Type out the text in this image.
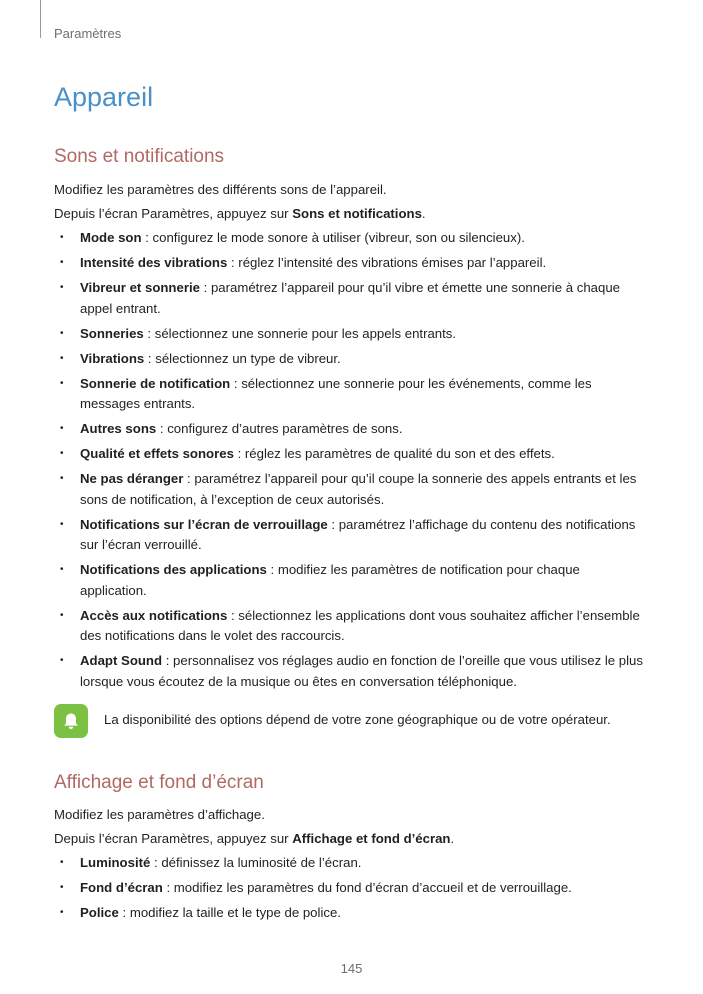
Paramètres
Appareil
Sons et notifications

Modifiez les paramètres des différents sons de l’appareil.

Depuis l’écran Paramètres, appuyez sur Sons et notifications.

• Mode son : configurez le mode sonore à utiliser (vibreur, son ou silencieux).
• Intensité des vibrations : réglez l’intensité des vibrations émises par l’appareil.
• Vibreur et sonnerie : paramétrez l’appareil pour qu’il vibre et émette une sonnerie à chaque appel entrant.
• Sonneries : sélectionnez une sonnerie pour les appels entrants.
• Vibrations : sélectionnez un type de vibreur.
• Sonnerie de notification : sélectionnez une sonnerie pour les événements, comme les messages entrants.
• Autres sons : configurez d’autres paramètres de sons.
• Qualité et effets sonores : réglez les paramètres de qualité du son et des effets.
• Ne pas déranger : paramétrez l’appareil pour qu’il coupe la sonnerie des appels entrants et les sons de notification, à l’exception de ceux autorisés.
• Notifications sur l’écran de verrouillage : paramétrez l’affichage du contenu des notifications sur l’écran verrouillé.
• Notifications des applications : modifiez les paramètres de notification pour chaque application.
• Accès aux notifications : sélectionnez les applications dont vous souhaitez afficher l’ensemble des notifications dans le volet des raccourcis.
• Adapt Sound : personnalisez vos réglages audio en fonction de l’oreille que vous utilisez le plus lorsque vous écoutez de la musique ou êtes en conversation téléphonique.
La disponibilité des options dépend de votre zone géographique ou de votre opérateur.
Affichage et fond d’écran

Modifiez les paramètres d’affichage.

Depuis l’écran Paramètres, appuyez sur Affichage et fond d’écran.

• Luminosité : définissez la luminosité de l’écran.
• Fond d’écran : modifiez les paramètres du fond d’écran d’accueil et de verrouillage.
• Police : modifiez la taille et le type de police.
145
